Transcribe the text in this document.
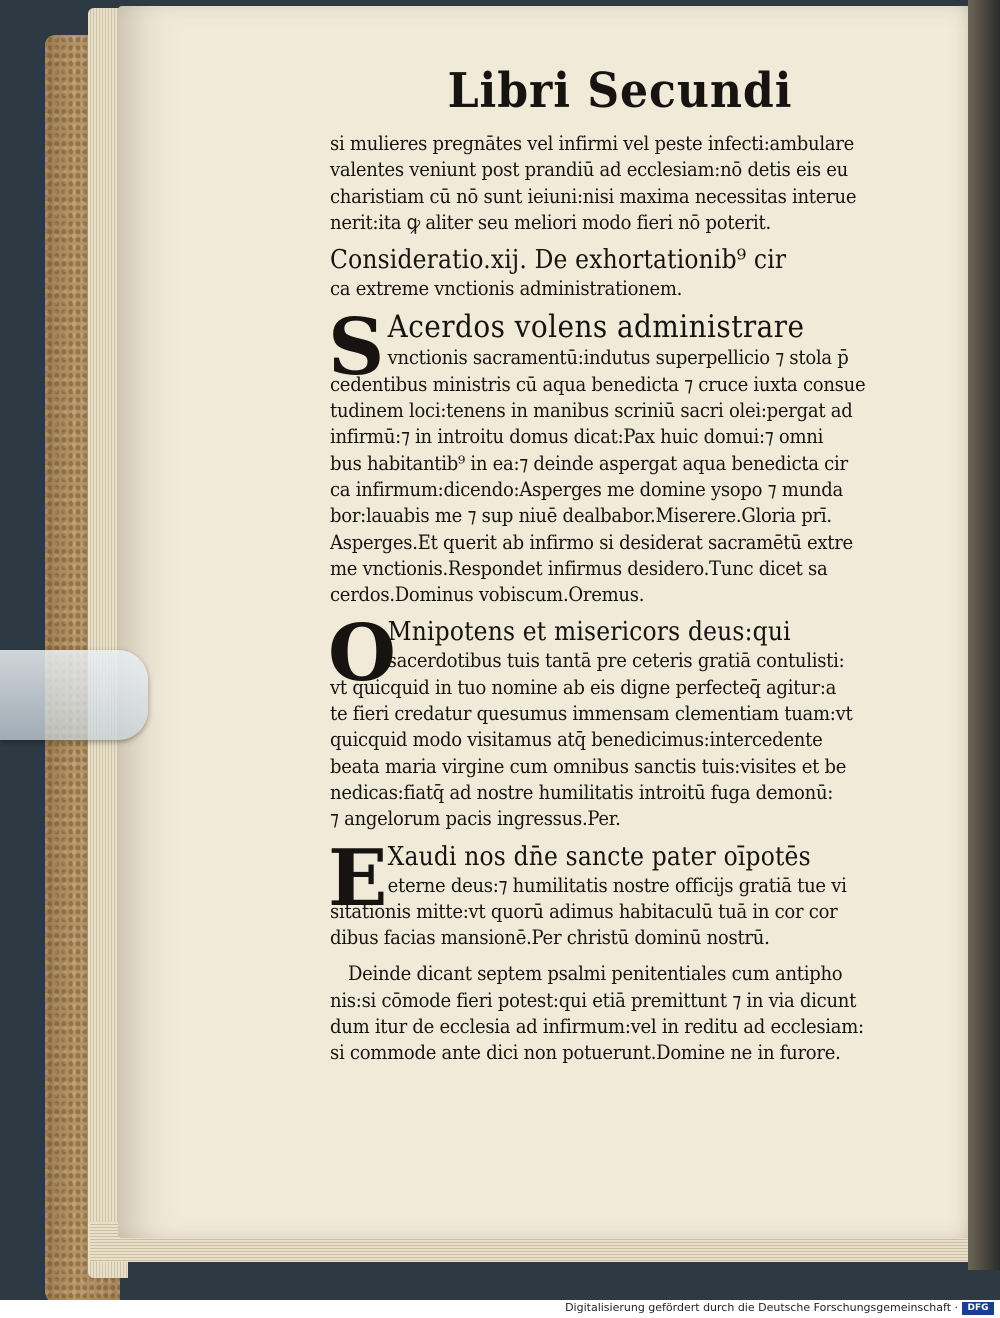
Libri Secundi
si mulieres pregnātes vel infirmi vel peste infecti:ambulare
valentes veniunt post prandiū ad ecclesiam:nō detis eis eu
charistiam cū nō sunt ieiuni:nisi maxima necessitas interue
nerit:ita ꝙ aliter seu meliori modo fieri nō poterit.
Consideratio.xij. De exhortationib⁹ cir
ca extreme vnctionis administrationem.
S Acerdos volens administrare
vnctionis sacramentū:indutus superpellicio ⁊ stola p̄
cedentibus ministris cū aqua benedicta ⁊ cruce iuxta consue
tudinem loci:tenens in manibus scriniū sacri olei:pergat ad
infirmū:⁊ in introitu domus dicat:Pax huic domui:⁊ omni
bus habitantib⁹ in ea:⁊ deinde aspergat aqua benedicta cir
ca infirmum:dicendo:Asperges me domine ysopo ⁊ munda
bor:lauabis me ⁊ sup niuē dealbabor.Miserere.Gloria prī.
Asperges.Et querit ab infirmo si desiderat sacramētū extre
me vnctionis.Respondet infirmus desidero.Tunc dicet sa
cerdos.Dominus vobiscum.Oremus.
O
Mnipotens et misericors deus:qui
sacerdotibus tuis tantā pre ceteris gratiā contulisti:
vt quicquid in tuo nomine ab eis digne perfecteq̄ agitur:a
te fieri credatur quesumus immensam clementiam tuam:vt
quicquid modo visitamus atq̄ benedicimus:intercedente
beata maria virgine cum omnibus sanctis tuis:visites et be
nedicas:fiatq̄ ad nostre humilitatis introitū fuga demonū:
⁊ angelorum pacis ingressus.Per.
E Xaudi nos dn̄e sancte pater oīpotēs
eterne deus:⁊ humilitatis nostre officijs gratiā tue vi
sitationis mitte:vt quorū adimus habitaculū tuā in cor cor
dibus facias mansionē.Per christū dominū nostrū.
Deinde dicant septem psalmi penitentiales cum antipho
nis:si cōmode fieri potest:qui etiā premittunt ⁊ in via dicunt
dum itur de ecclesia ad infirmum:vel in reditu ad ecclesiam:
si commode ante dici non potuerunt.Domine ne in furore.
Digitalisierung gefördert durch die Deutsche Forschungsgemeinschaft ·	DFG
